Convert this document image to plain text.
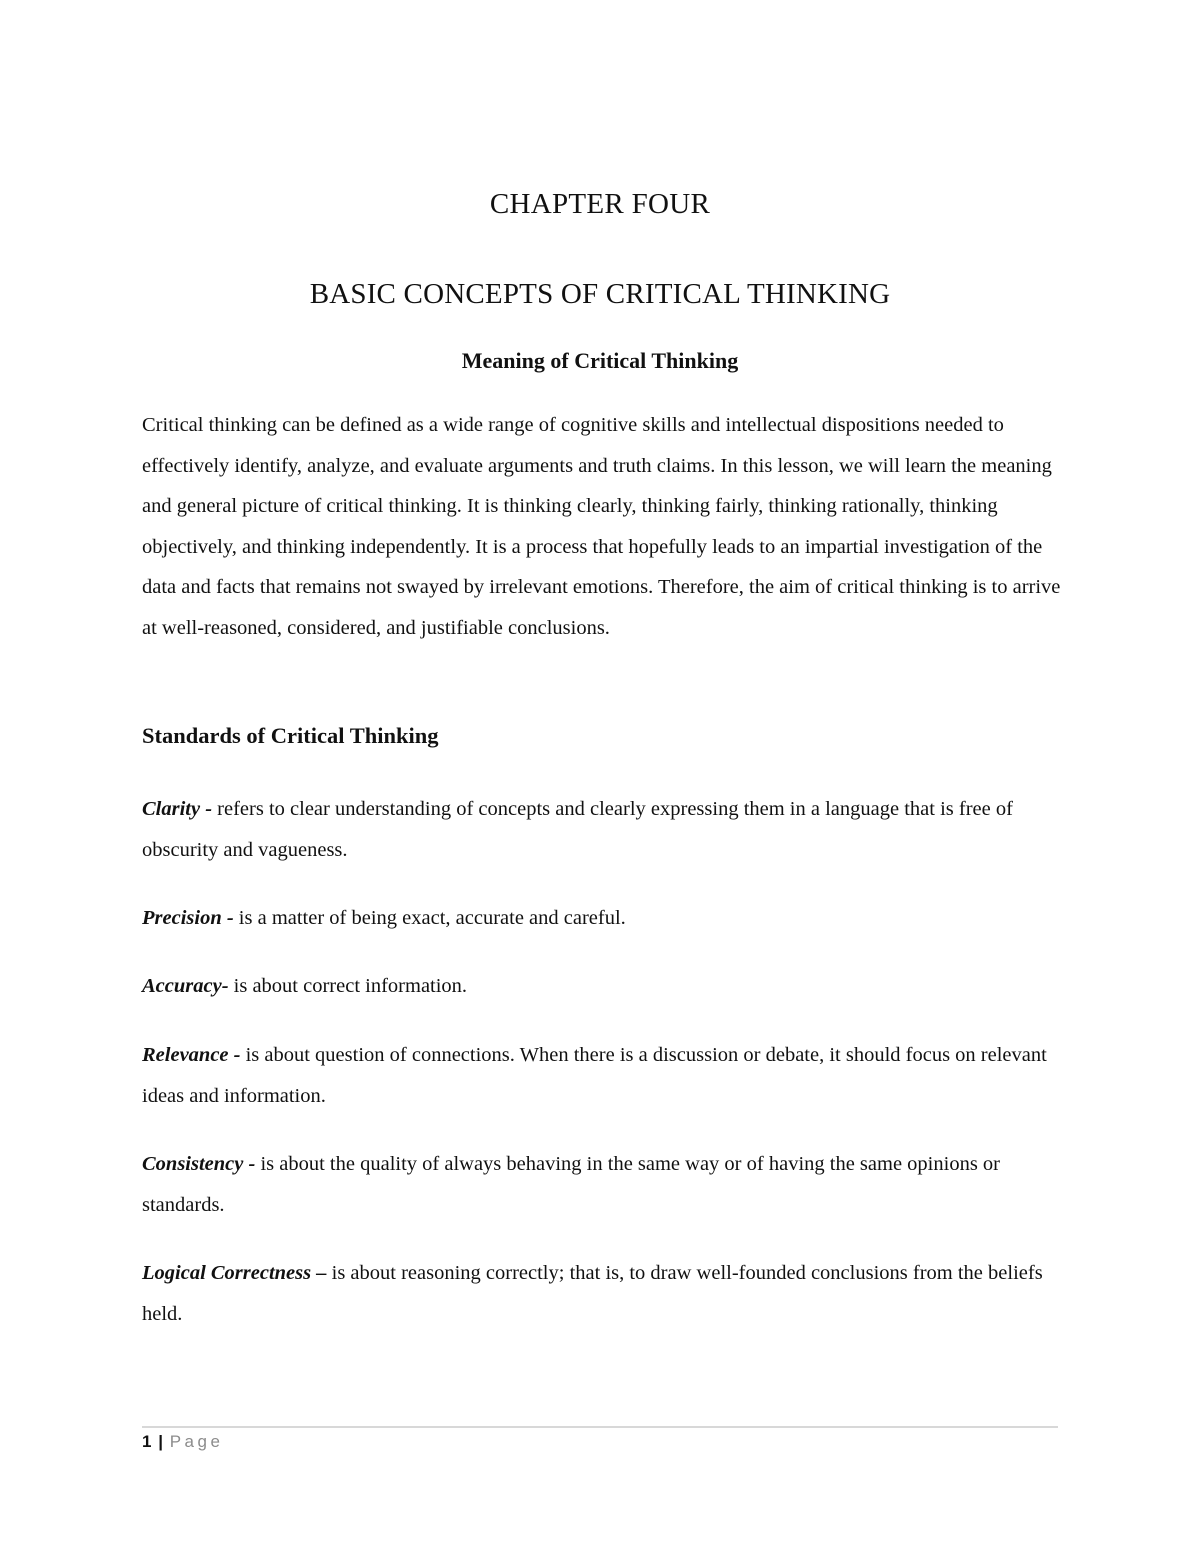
CHAPTER FOUR
BASIC CONCEPTS OF CRITICAL THINKING
Meaning of Critical Thinking

Critical thinking can be defined as a wide range of cognitive skills and intellectual dispositions needed to effectively identify, analyze, and evaluate arguments and truth claims. In this lesson, we will learn the meaning and general picture of critical thinking. It is thinking clearly, thinking fairly, thinking rationally, thinking objectively, and thinking independently. It is a process that hopefully leads to an impartial investigation of the data and facts that remains not swayed by irrelevant emotions. Therefore, the aim of critical thinking is to arrive at well-reasoned, considered, and justifiable conclusions.

Standards of Critical Thinking

Clarity - refers to clear understanding of concepts and clearly expressing them in a language that is free of obscurity and vagueness.

Precision - is a matter of being exact, accurate and careful.

Accuracy- is about correct information.

Relevance - is about question of connections. When there is a discussion or debate, it should focus on relevant ideas and information.

Consistency - is about the quality of always behaving in the same way or of having the same opinions or standards.

Logical Correctness – is about reasoning correctly; that is, to draw well-founded conclusions from the beliefs held.

1 | Page
